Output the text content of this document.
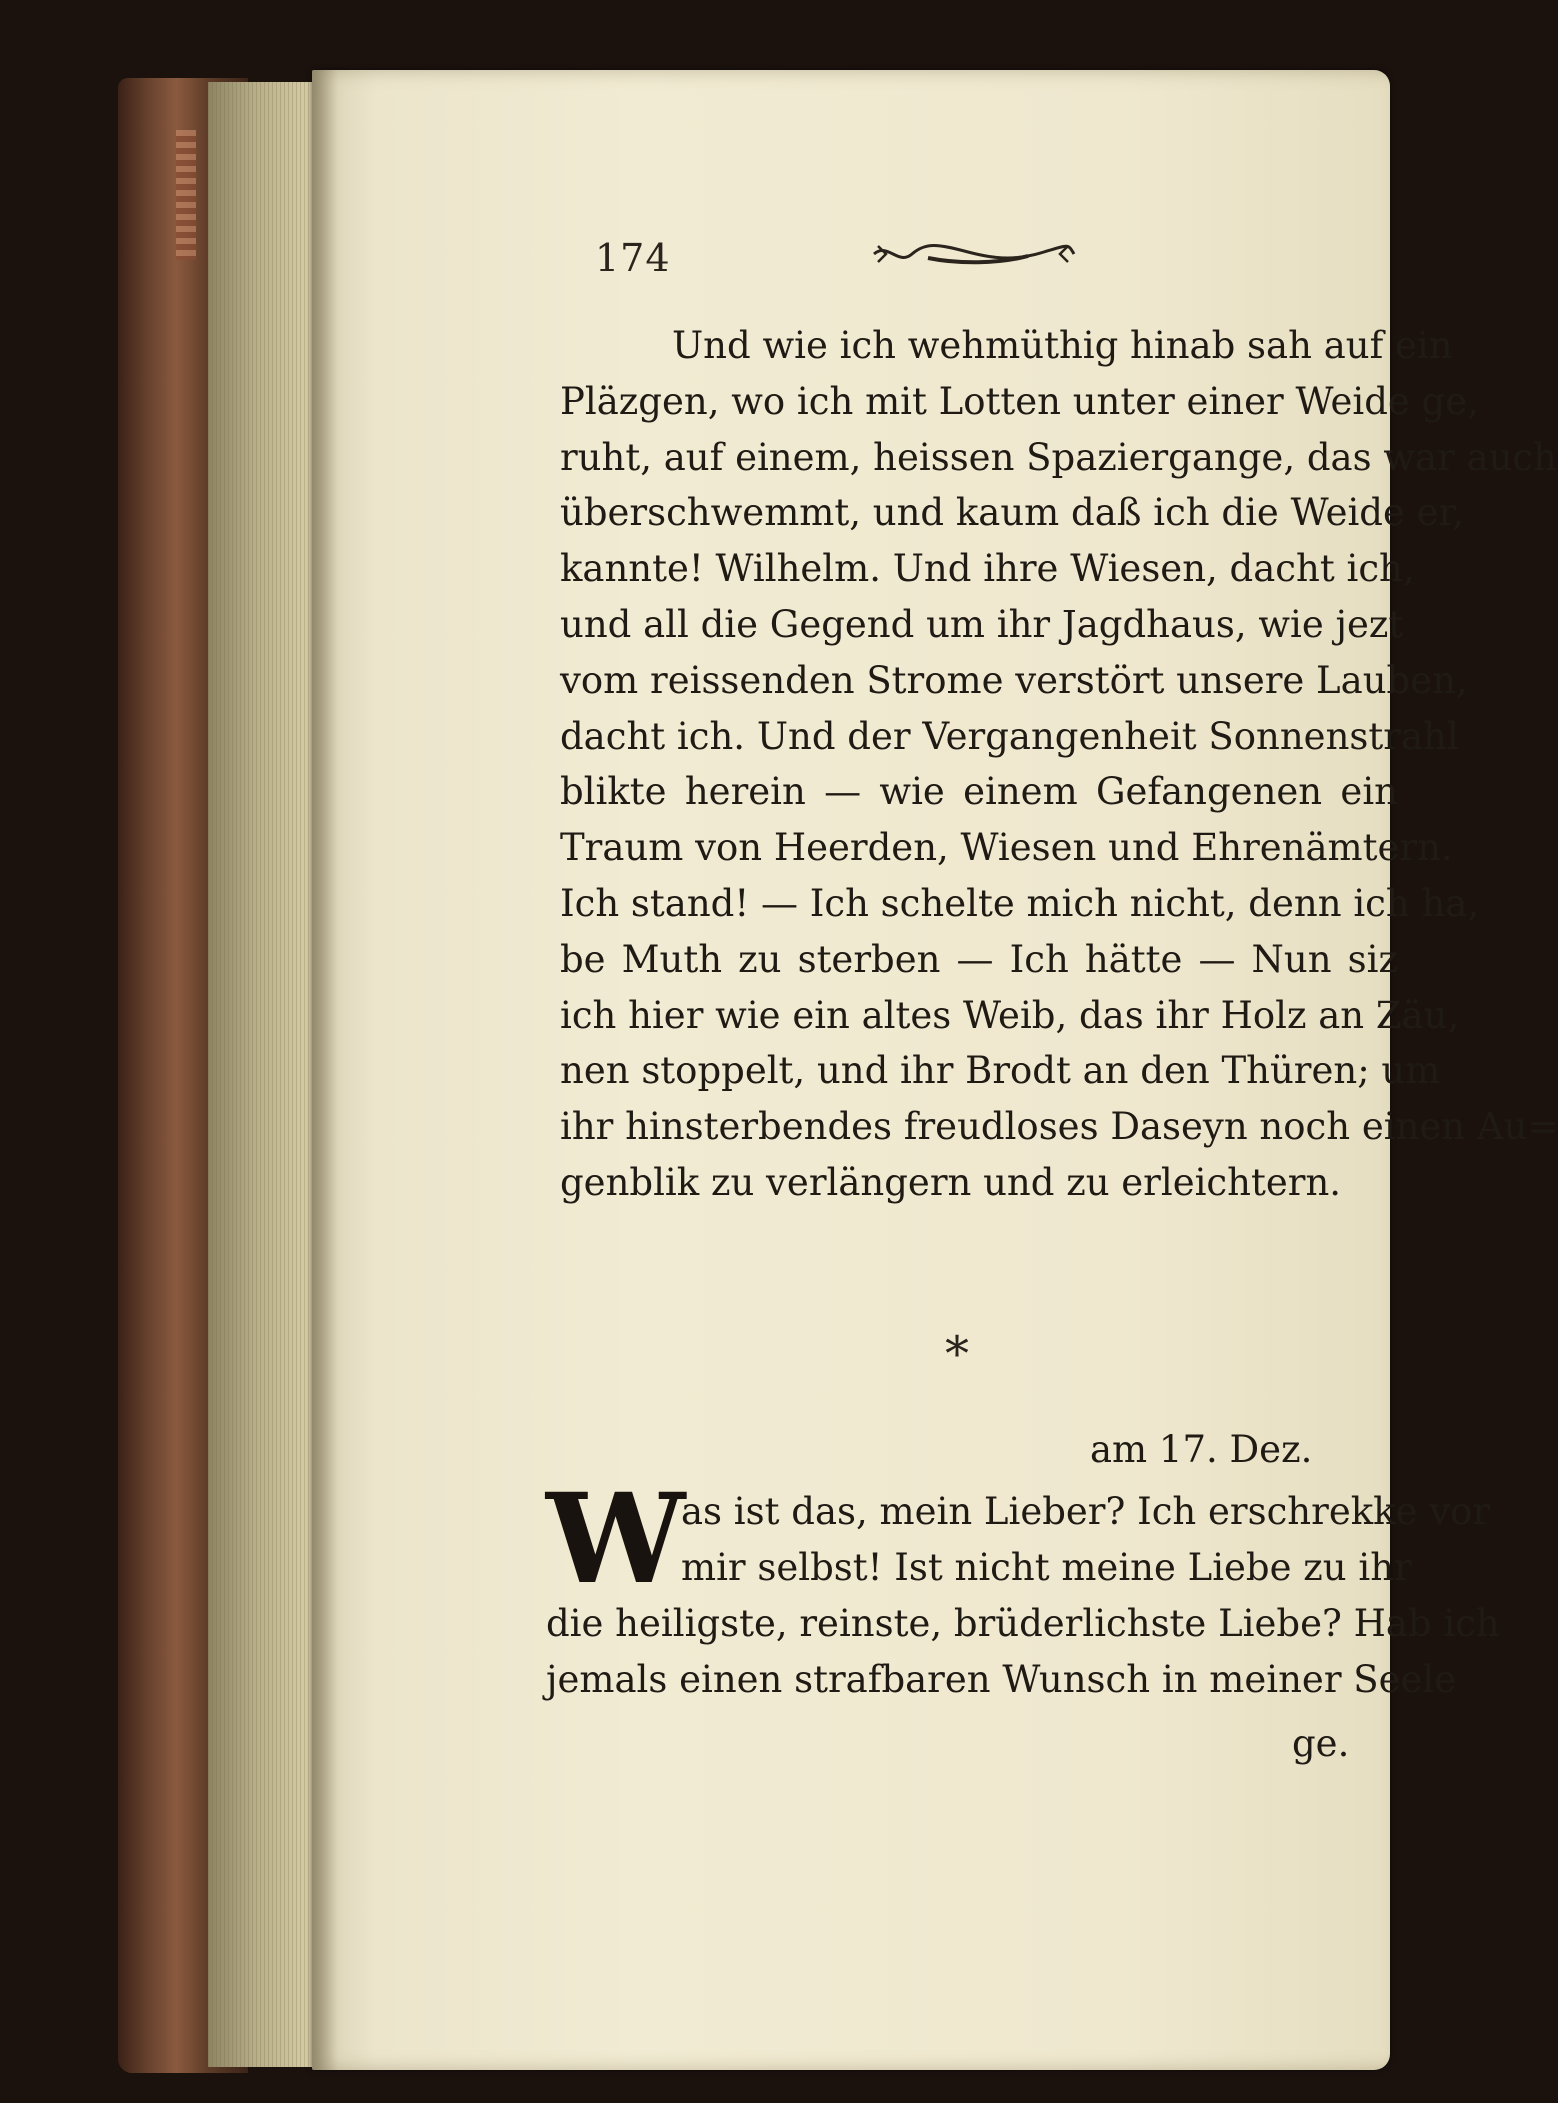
174
Und wie ich wehmüthig hinab sah auf ein
Pläzgen, wo ich mit Lotten unter einer Weide ge,
ruht, auf einem, heissen Spaziergange, das war auch
überschwemmt, und kaum daß ich die Weide er,
kannte! Wilhelm. Und ihre Wiesen, dacht ich,
und all die Gegend um ihr Jagdhaus, wie jezt
vom reissenden Strome verstört unsere Lauben,
dacht ich. Und der Vergangenheit Sonnenstrahl
blikte herein — wie einem Gefangenen ein
Traum von Heerden, Wiesen und Ehrenämtern.
Ich stand! — Ich schelte mich nicht, denn ich ha,
be Muth zu sterben — Ich hätte — Nun siz
ich hier wie ein altes Weib, das ihr Holz an Zäu,
nen stoppelt, und ihr Brodt an den Thüren; um
ihr hinsterbendes freudloses Daseyn noch einen Au=
genblik zu verlängern und zu erleichtern.
*
am 17. Dez.
W
as ist das, mein Lieber? Ich erschrekke vor
mir selbst! Ist nicht meine Liebe zu ihr
die heiligste, reinste, brüderlichste Liebe? Hab ich
jemals einen strafbaren Wunsch in meiner Seele
ge.
